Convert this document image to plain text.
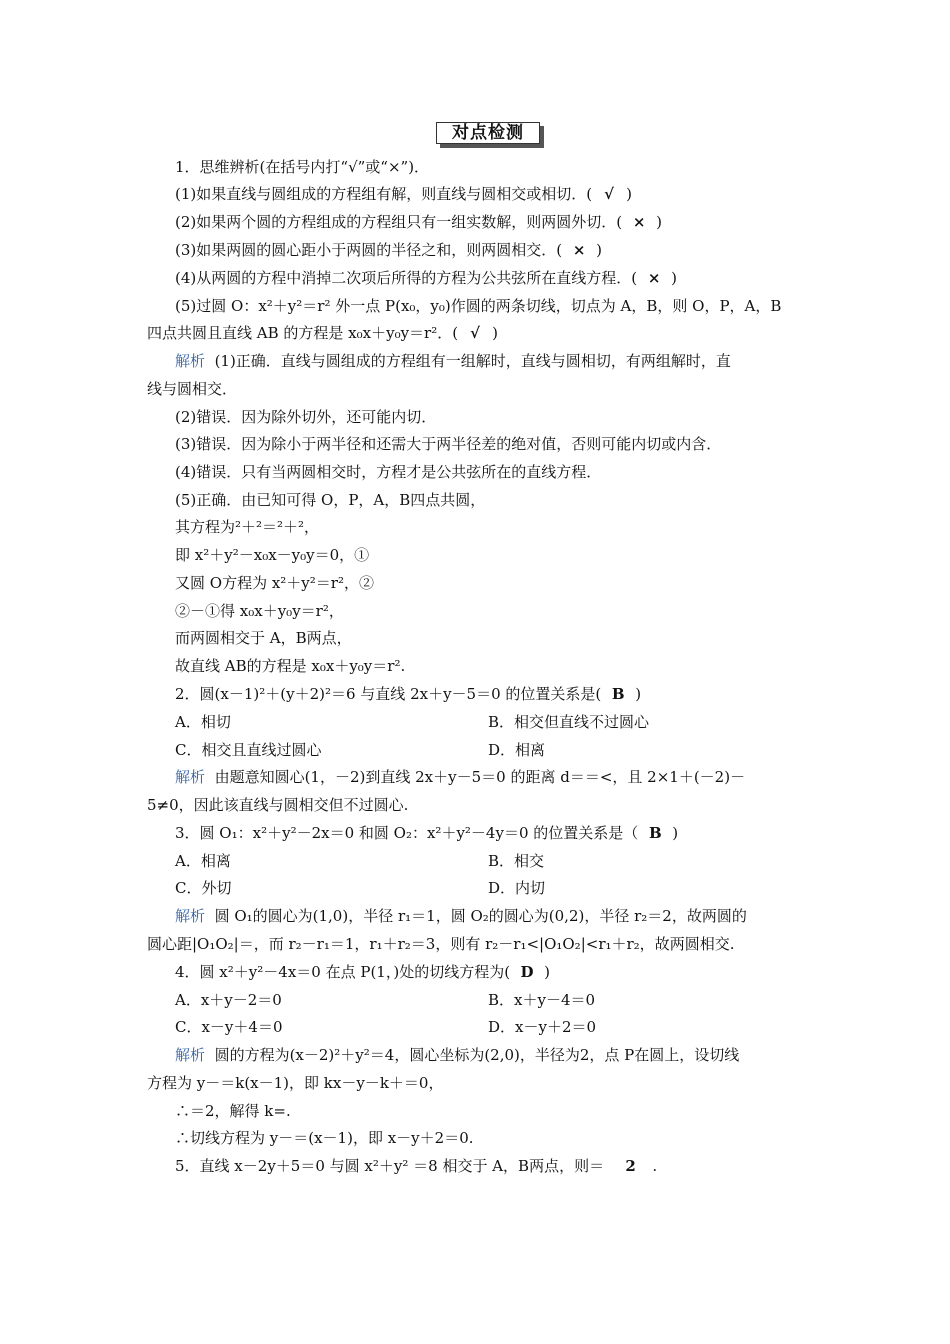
对点检测
1．思维辨析(在括号内打“√”或“×”)．
(1)如果直线与圆组成的方程组有解，则直线与圆相交或相切．( √ )
(2)如果两个圆的方程组成的方程组只有一组实数解，则两圆外切．( × )
(3)如果两圆的圆心距小于两圆的半径之和，则两圆相交．( × )
(4)从两圆的方程中消掉二次项后所得的方程为公共弦所在直线方程．( × )
(5)过圆 O：x²＋y²＝r² 外一点 P(x₀，y₀)作圆的两条切线，切点为 A，B，则 O，P，A，B
四点共圆且直线 AB 的方程是 x₀x＋y₀y＝r²．( √ )
解析 (1)正确．直线与圆组成的方程组有一组解时，直线与圆相切，有两组解时，直
线与圆相交．
(2)错误．因为除外切外，还可能内切．
(3)错误．因为除小于两半径和还需大于两半径差的绝对值，否则可能内切或内含．
(4)错误．只有当两圆相交时，方程才是公共弦所在的直线方程．
(5)正确．由已知可得 O，P，A，B四点共圆，
其方程为²＋²＝²＋²，
即 x²＋y²－x₀x－y₀y＝0，①
又圆 O方程为 x²＋y²＝r²，②
②－①得 x₀x＋y₀y＝r²，
而两圆相交于 A，B两点，
故直线 AB的方程是 x₀x＋y₀y＝r².
2．圆(x－1)²＋(y＋2)²＝6 与直线 2x＋y－5＝0 的位置关系是( B )
A．相切	B．相交但直线不过圆心
C．相交且直线过圆心	D．相离
解析 由题意知圆心(1，－2)到直线 2x＋y－5＝0 的距离 d＝＝<，且 2×1＋(－2)－
5≠0，因此该直线与圆相交但不过圆心.
3．圆 O₁：x²＋y²－2x＝0 和圆 O₂：x²＋y²－4y＝0 的位置关系是（ B )
A．相离	B．相交
C．外切	D．内切
解析 圆 O₁的圆心为(1,0)，半径 r₁＝1，圆 O₂的圆心为(0,2)，半径 r₂＝2，故两圆的
圆心距|O₁O₂|＝，而 r₂－r₁＝1，r₁＋r₂＝3，则有 r₂－r₁<|O₁O₂|<r₁＋r₂，故两圆相交.
4．圆 x²＋y²－4x＝0 在点 P(1，)处的切线方程为( D )
A．x＋y－2＝0	B．x＋y－4＝0
C．x－y＋4＝0	D．x－y＋2＝0
解析 圆的方程为(x－2)²＋y²＝4，圆心坐标为(2,0)，半径为2，点 P在圆上，设切线
方程为 y－＝k(x－1)，即 kx－y－k＋＝0，
∴＝2，解得 k=.
∴切线方程为 y－＝(x－1)，即 x－y＋2＝0.
5．直线 x－2y＋5＝0 与圆 x²＋y² ＝8 相交于 A，B两点，则＝ 2 .
